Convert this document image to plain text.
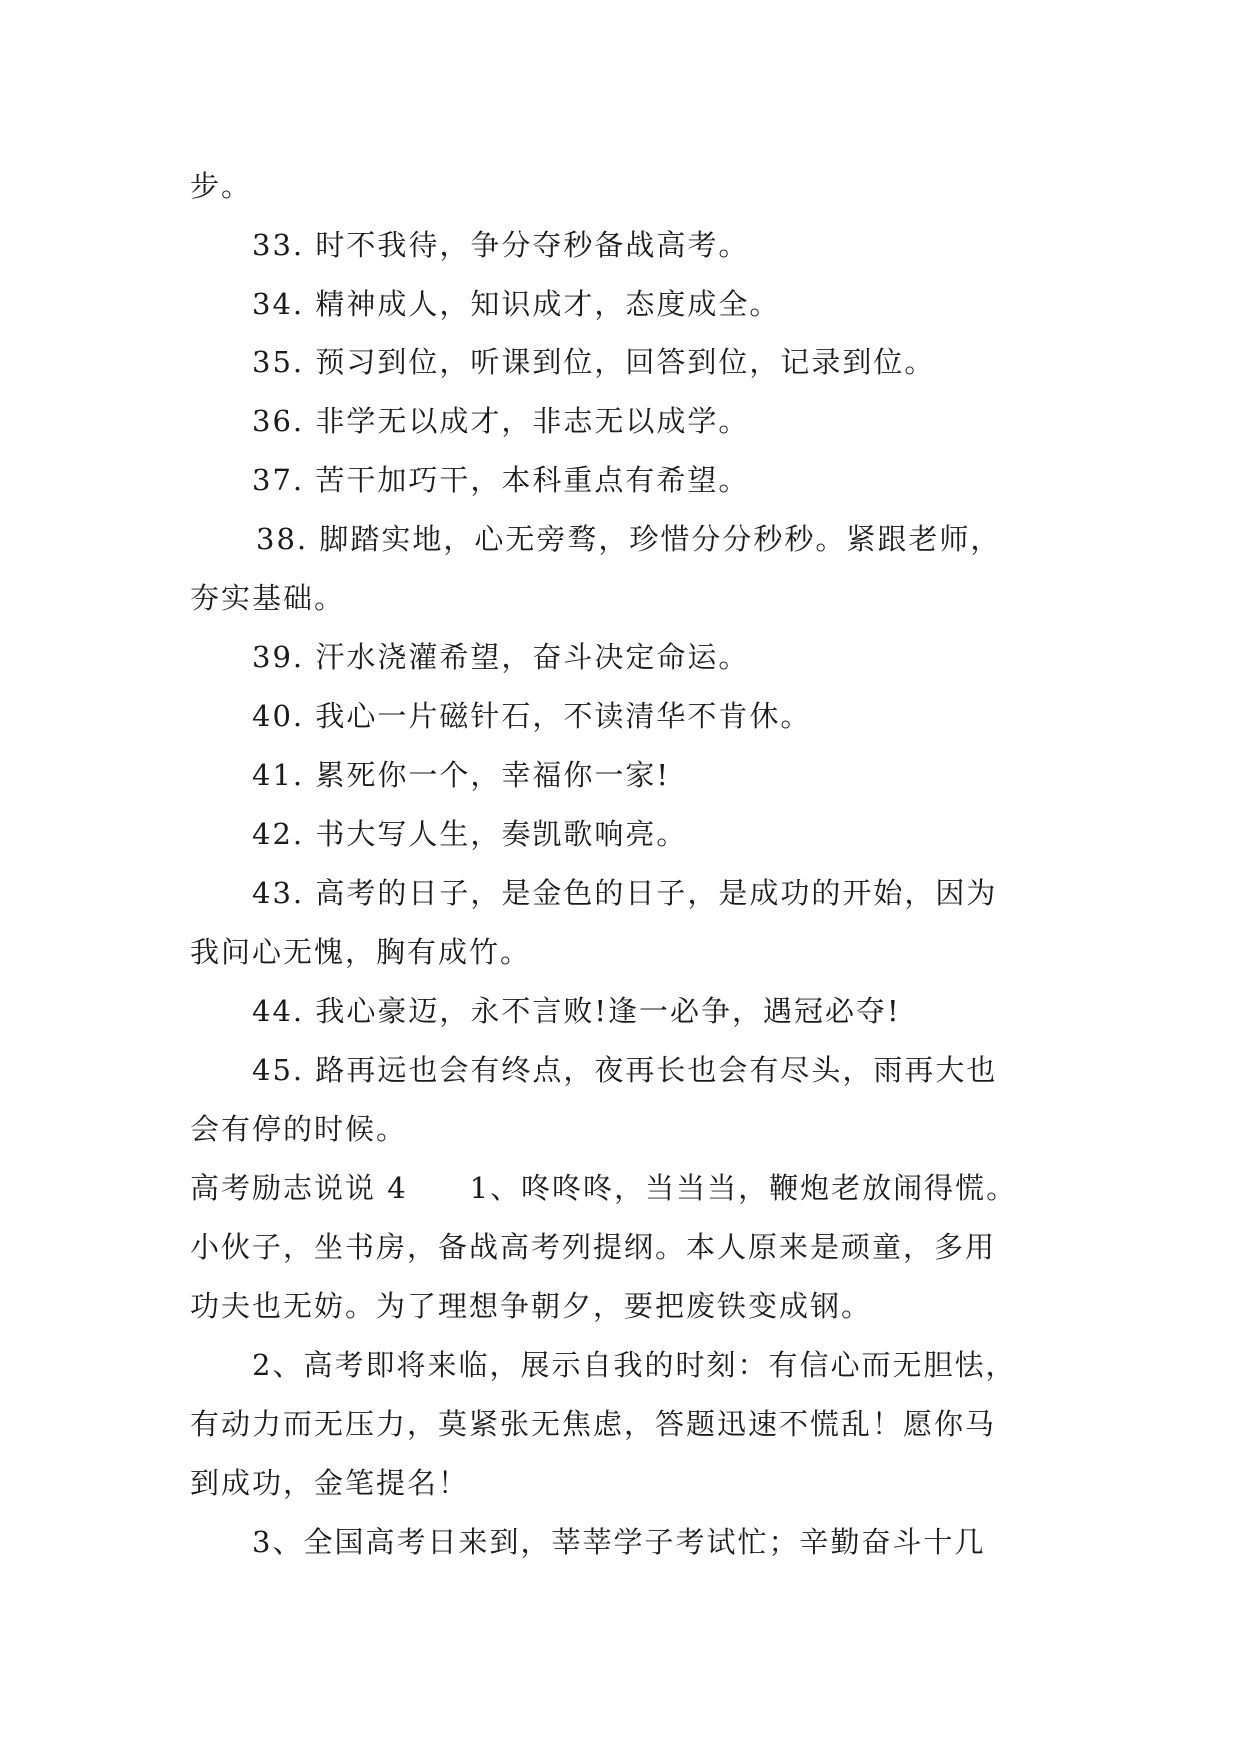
步。
33. 时不我待，争分夺秒备战高考。
34. 精神成人，知识成才，态度成全。
35. 预习到位，听课到位，回答到位，记录到位。
36. 非学无以成才，非志无以成学。
37. 苦干加巧干，本科重点有希望。
38. 脚踏实地，心无旁骛，珍惜分分秒秒。紧跟老师，
夯实基础。
39. 汗水浇灌希望，奋斗决定命运。
40. 我心一片磁针石，不读清华不肯休。
41. 累死你一个，幸福你一家!
42. 书大写人生，奏凯歌响亮。
43. 高考的日子，是金色的日子，是成功的开始，因为
我问心无愧，胸有成竹。
44. 我心豪迈，永不言败!逢一必争，遇冠必夺!
45. 路再远也会有终点，夜再长也会有尽头，雨再大也
会有停的时候。
高考励志说说 4　　1、咚咚咚，当当当，鞭炮老放闹得慌。
小伙子，坐书房，备战高考列提纲。本人原来是顽童，多用
功夫也无妨。为了理想争朝夕，要把废铁变成钢。
2、高考即将来临，展示自我的时刻：有信心而无胆怯，
有动力而无压力，莫紧张无焦虑，答题迅速不慌乱！愿你马
到成功，金笔提名！
3、全国高考日来到，莘莘学子考试忙；辛勤奋斗十几
